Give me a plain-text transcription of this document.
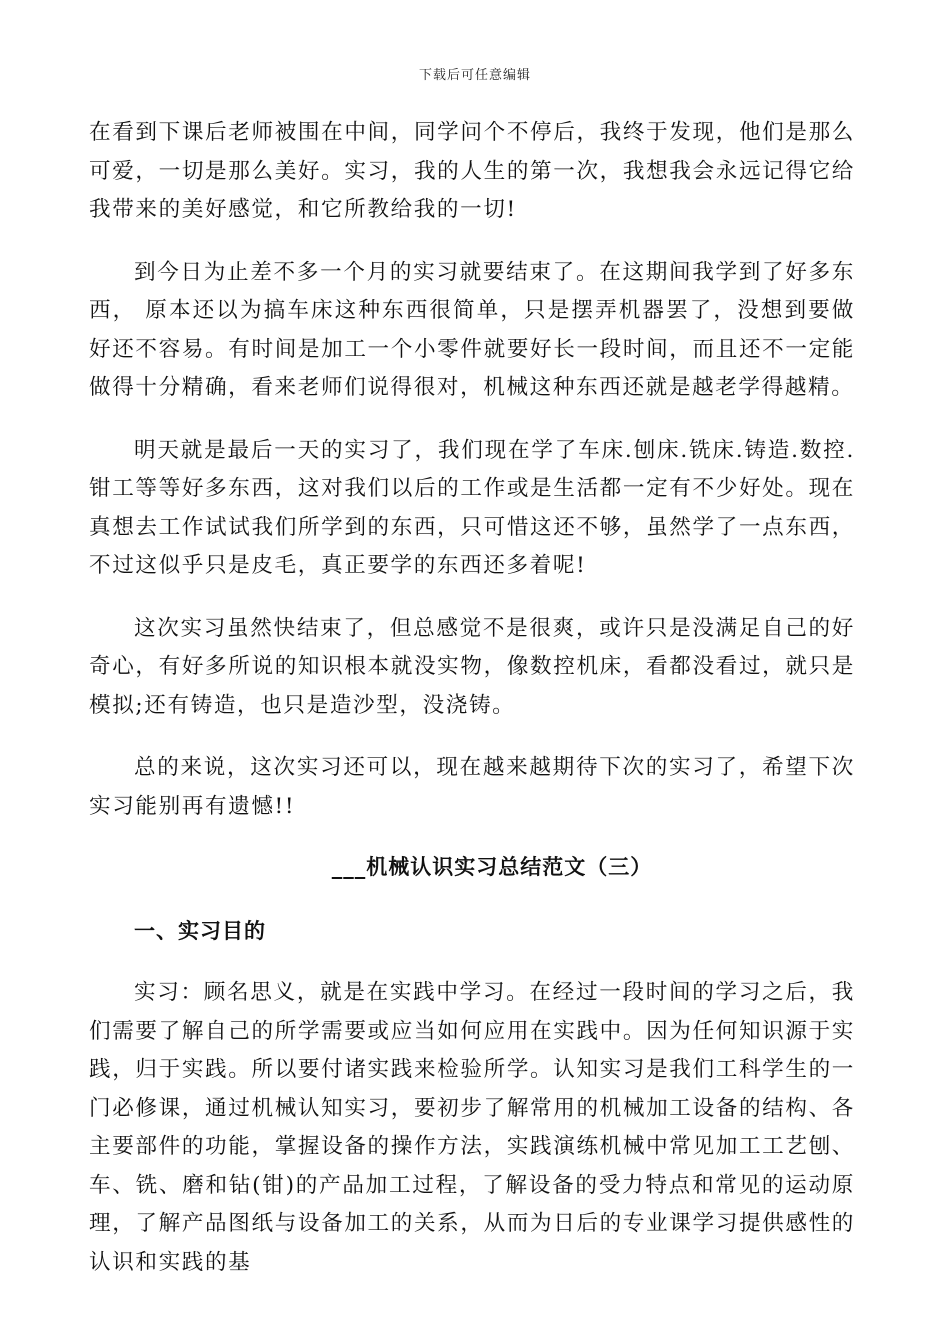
下载后可任意编辑

在看到下课后老师被围在中间，同学问个不停后，我终于发现，他们是那么可爱，一切是那么美好。实习，我的人生的第一次，我想我会永远记得它给我带来的美好感觉，和它所教给我的一切!

到今日为止差不多一个月的实习就要结束了。在这期间我学到了好多东西， 原本还以为搞车床这种东西很简单，只是摆弄机器罢了，没想到要做好还不容易。有时间是加工一个小零件就要好长一段时间，而且还不一定能做得十分精确，看来老师们说得很对，机械这种东西还就是越老学得越精。

明天就是最后一天的实习了，我们现在学了车床.刨床.铣床.铸造.数控.钳工等等好多东西，这对我们以后的工作或是生活都一定有不少好处。现在真想去工作试试我们所学到的东西，只可惜这还不够，虽然学了一点东西，不过这似乎只是皮毛，真正要学的东西还多着呢!

这次实习虽然快结束了，但总感觉不是很爽，或许只是没满足自己的好奇心，有好多所说的知识根本就没实物，像数控机床，看都没看过，就只是模拟;还有铸造，也只是造沙型，没浇铸。

总的来说，这次实习还可以，现在越来越期待下次的实习了，希望下次实习能别再有遗憾!!

___机械认识实习总结范文（三）
一、实习目的

实习：顾名思义，就是在实践中学习。在经过一段时间的学习之后，我们需要了解自己的所学需要或应当如何应用在实践中。因为任何知识源于实践，归于实践。所以要付诸实践来检验所学。认知实习是我们工科学生的一门必修课，通过机械认知实习，要初步了解常用的机械加工设备的结构、各主要部件的功能，掌握设备的操作方法，实践演练机械中常见加工工艺刨、车、铣、磨和钻(钳)的产品加工过程，了解设备的受力特点和常见的运动原理，了解产品图纸与设备加工的关系，从而为日后的专业课学习提供感性的认识和实践的基
